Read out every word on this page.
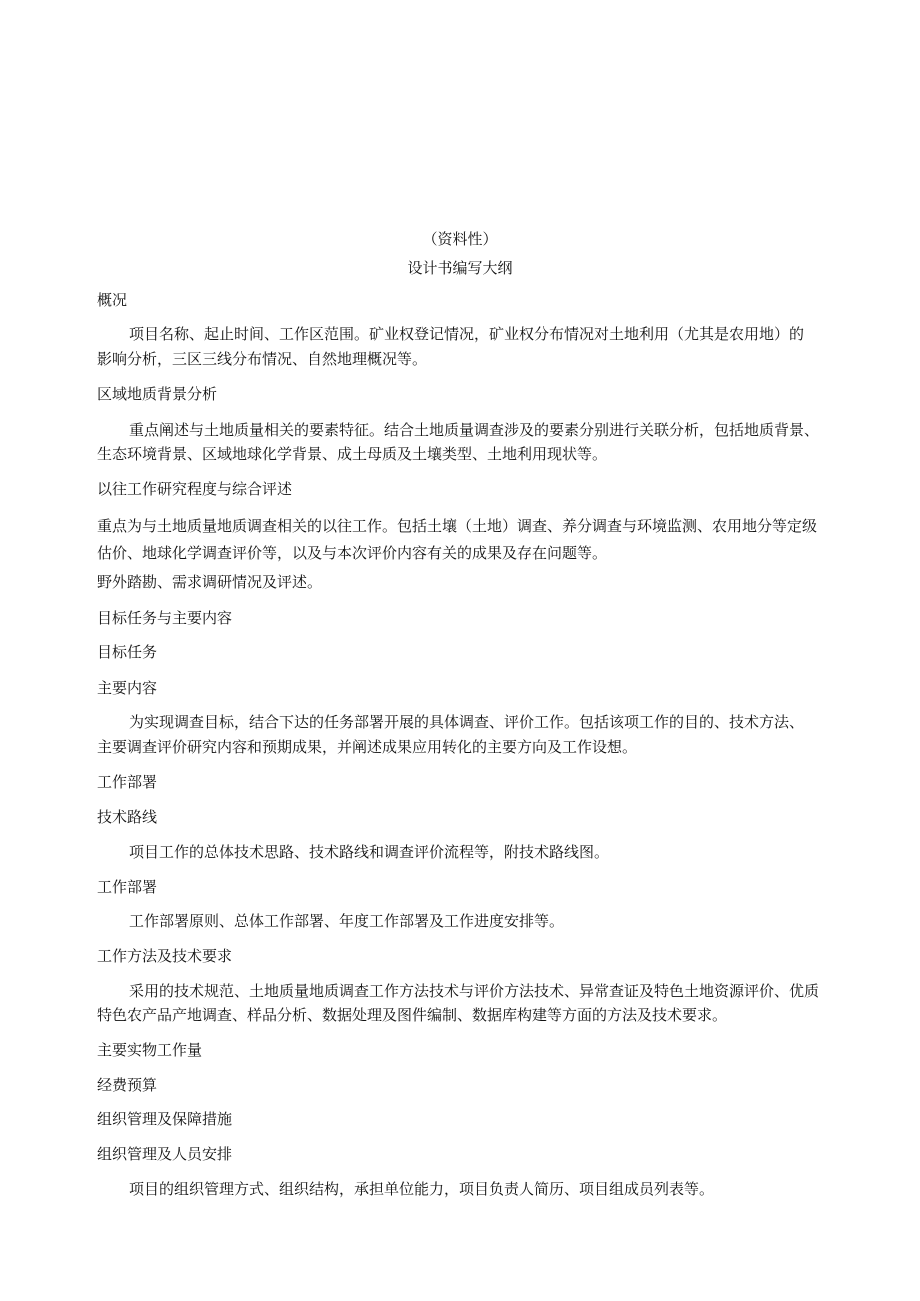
（资料性）
设计书编写大纲
概况
项目名称、起止时间、工作区范围。矿业权登记情况，矿业权分布情况对土地利用（尤其是农用地）的
影响分析，三区三线分布情况、自然地理概况等。
区域地质背景分析
重点阐述与土地质量相关的要素特征。结合土地质量调查涉及的要素分别进行关联分析，包括地质背景、
生态环境背景、区域地球化学背景、成土母质及土壤类型、土地利用现状等。
以往工作研究程度与综合评述
重点为与土地质量地质调查相关的以往工作。包括土壤（土地）调查、养分调查与环境监测、农用地分等定级
估价、地球化学调查评价等，以及与本次评价内容有关的成果及存在问题等。
野外踏勘、需求调研情况及评述。
目标任务与主要内容
目标任务
主要内容
为实现调查目标，结合下达的任务部署开展的具体调查、评价工作。包括该项工作的目的、技术方法、
主要调查评价研究内容和预期成果，并阐述成果应用转化的主要方向及工作设想。
工作部署
技术路线
项目工作的总体技术思路、技术路线和调查评价流程等，附技术路线图。
工作部署
工作部署原则、总体工作部署、年度工作部署及工作进度安排等。
工作方法及技术要求
采用的技术规范、土地质量地质调查工作方法技术与评价方法技术、异常查证及特色土地资源评价、优质
特色农产品产地调查、样品分析、数据处理及图件编制、数据库构建等方面的方法及技术要求。
主要实物工作量
经费预算
组织管理及保障措施
组织管理及人员安排
项目的组织管理方式、组织结构，承担单位能力，项目负责人简历、项目组成员列表等。
